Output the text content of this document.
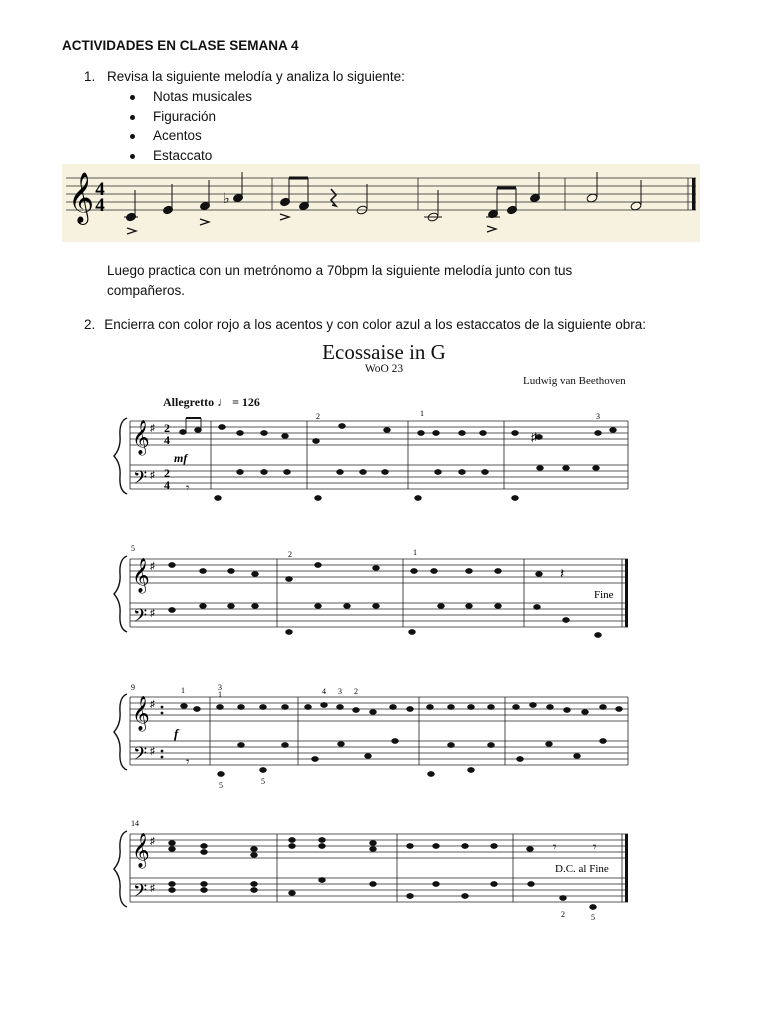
ACTIVIDADES EN CLASE SEMANA 4
1. Revisa la siguiente melodía y analiza lo siguiente:
Notas musicales
Figuración
Acentos
Estaccato
𝄞 4
4	♭
Luego practica con un metrónomo a 70bpm la siguiente melodía junto con tus compañeros.
2. Encierra con color rojo a los acentos y con color azul a los estaccatos de la siguiente obra:
Ecossaise in G
WoO 23
Ludwig van Beethoven
Allegretto ♩ = 126
𝄞
𝄢
♯
♯
2
4
2
4
mf
♯
𝄾
2	1	3
5
𝄞
𝄢
♯
♯
𝄽
Fine
2	1
9
𝄞
𝄢
♯
♯
f
𝄾
1	3
1	4 3 2
5	5
14
𝄞
𝄢
♯
♯
𝄾	𝄾
D.C. al Fine
2	5
